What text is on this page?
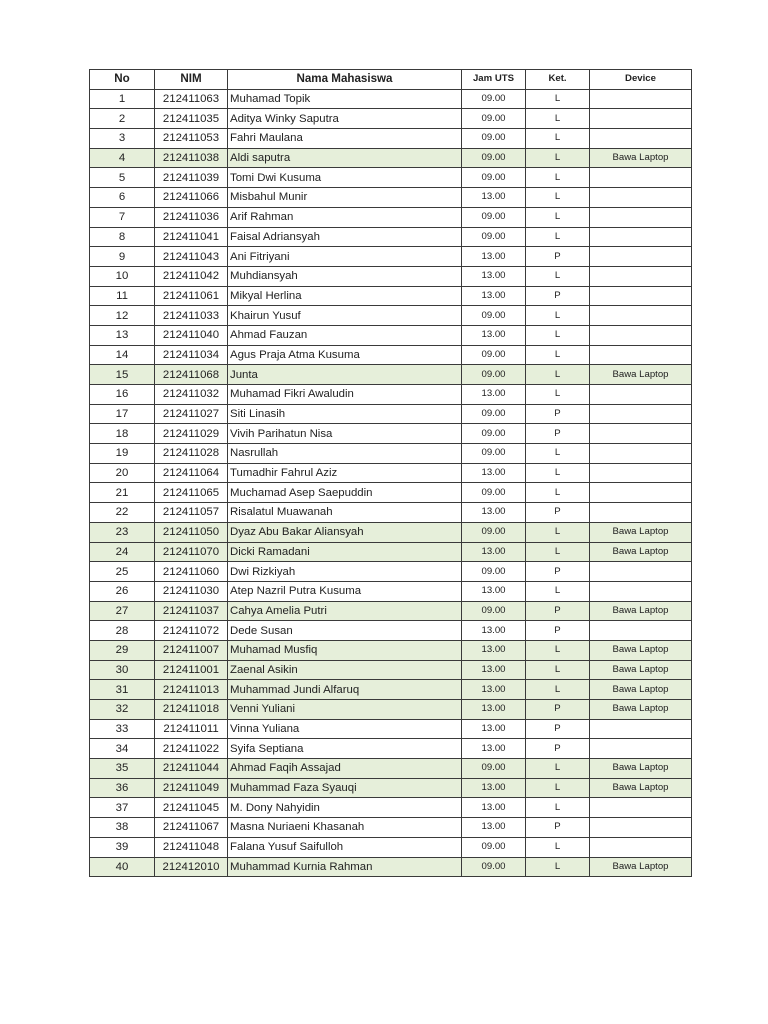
No	NIM	Nama Mahasiswa	Jam UTS	Ket.	Device
1	212411063	Muhamad Topik	09.00	L	
2	212411035	Aditya Winky Saputra	09.00	L	
3	212411053	Fahri Maulana	09.00	L	
4	212411038	Aldi saputra	09.00	L	Bawa Laptop
5	212411039	Tomi Dwi Kusuma	09.00	L	
6	212411066	Misbahul Munir	13.00	L	
7	212411036	Arif Rahman	09.00	L	
8	212411041	Faisal Adriansyah	09.00	L	
9	212411043	Ani Fitriyani	13.00	P	
10	212411042	Muhdiansyah	13.00	L	
11	212411061	Mikyal Herlina	13.00	P	
12	212411033	Khairun Yusuf	09.00	L	
13	212411040	Ahmad Fauzan	13.00	L	
14	212411034	Agus Praja Atma Kusuma	09.00	L	
15	212411068	Junta	09.00	L	Bawa Laptop
16	212411032	Muhamad Fikri Awaludin	13.00	L	
17	212411027	Siti Linasih	09.00	P	
18	212411029	Vivih Parihatun Nisa	09.00	P	
19	212411028	Nasrullah	09.00	L	
20	212411064	Tumadhir Fahrul Aziz	13.00	L	
21	212411065	Muchamad Asep Saepuddin	09.00	L	
22	212411057	Risalatul Muawanah	13.00	P	
23	212411050	Dyaz Abu Bakar Aliansyah	09.00	L	Bawa Laptop
24	212411070	Dicki Ramadani	13.00	L	Bawa Laptop
25	212411060	Dwi Rizkiyah	09.00	P	
26	212411030	Atep Nazril Putra Kusuma	13.00	L	
27	212411037	Cahya Amelia Putri	09.00	P	Bawa Laptop
28	212411072	Dede Susan	13.00	P	
29	212411007	Muhamad Musfiq	13.00	L	Bawa Laptop
30	212411001	Zaenal Asikin	13.00	L	Bawa Laptop
31	212411013	Muhammad Jundi Alfaruq	13.00	L	Bawa Laptop
32	212411018	Venni Yuliani	13.00	P	Bawa Laptop
33	212411011	Vinna Yuliana	13.00	P	
34	212411022	Syifa Septiana	13.00	P	
35	212411044	Ahmad Faqih Assajad	09.00	L	Bawa Laptop
36	212411049	Muhammad Faza Syauqi	13.00	L	Bawa Laptop
37	212411045	M. Dony Nahyidin	13.00	L	
38	212411067	Masna Nuriaeni Khasanah	13.00	P	
39	212411048	Falana Yusuf Saifulloh	09.00	L	
40	212412010	Muhammad Kurnia Rahman	09.00	L	Bawa Laptop
